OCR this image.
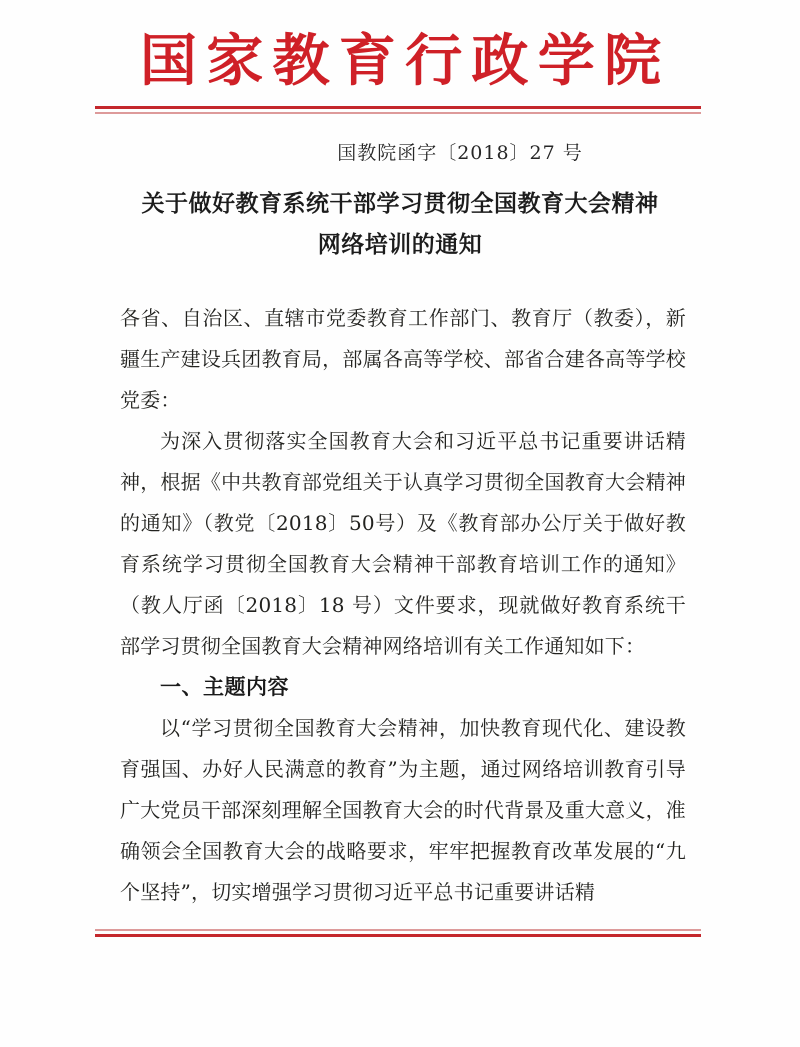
国家教育行政学院
国教院函字〔2018〕27 号
关于做好教育系统干部学习贯彻全国教育大会精神
网络培训的通知

各省、自治区、直辖市党委教育工作部门、教育厅（教委），新疆生产建设兵团教育局，部属各高等学校、部省合建各高等学校党委：

为深入贯彻落实全国教育大会和习近平总书记重要讲话精神，根据《中共教育部党组关于认真学习贯彻全国教育大会精神的通知》（教党〔2018〕50号）及《教育部办公厅关于做好教育系统学习贯彻全国教育大会精神干部教育培训工作的通知》（教人厅函〔2018〕18 号）文件要求，现就做好教育系统干部学习贯彻全国教育大会精神网络培训有关工作通知如下：

一、主题内容

以“学习贯彻全国教育大会精神，加快教育现代化、建设教育强国、办好人民满意的教育”为主题，通过网络培训教育引导广大党员干部深刻理解全国教育大会的时代背景及重大意义，准确领会全国教育大会的战略要求，牢牢把握教育改革发展的“九个坚持”，切实增强学习贯彻习近平总书记重要讲话精
